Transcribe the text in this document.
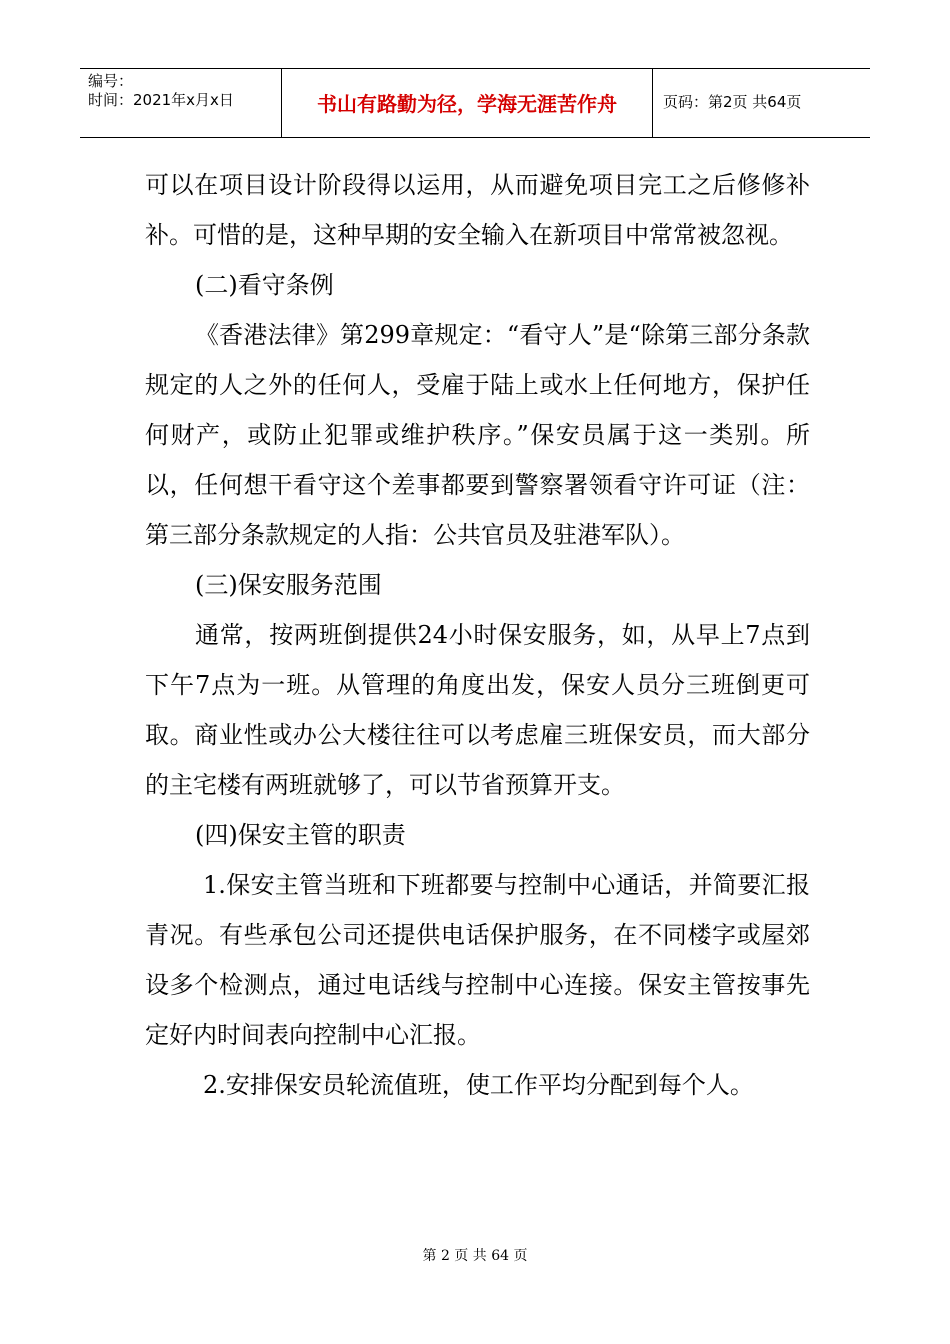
编号：
时间：2021年x月x日	书山有路勤为径，学海无涯苦作舟	页码：第2页 共64页

可以在项目设计阶段得以运用，从而避免项目完工之后修修补补。可惜的是，这种早期的安全输入在新项目中常常被忽视。

(二)看守条例

《香港法律》第299章规定：“看守人”是“除第三部分条款规定的人之外的任何人，受雇于陆上或水上任何地方，保护任何财产，或防止犯罪或维护秩序。”保安员属于这一类别。所以，任何想干看守这个差事都要到警察署领看守许可证（注：第三部分条款规定的人指：公共官员及驻港军队）。

(三)保安服务范围

通常，按两班倒提供24小时保安服务，如，从早上7点到下午7点为一班。从管理的角度出发，保安人员分三班倒更可取。商业性或办公大楼往往可以考虑雇三班保安员，而大部分的主宅楼有两班就够了，可以节省预算开支。

(四)保安主管的职责

1.保安主管当班和下班都要与控制中心通话，并简要汇报青况。有些承包公司还提供电话保护服务，在不同楼字或屋郊设多个检测点，通过电话线与控制中心连接。保安主管按事先定好内时间表向控制中心汇报。

2.安排保安员轮流值班，使工作平均分配到每个人。

第 2 页 共 64 页
